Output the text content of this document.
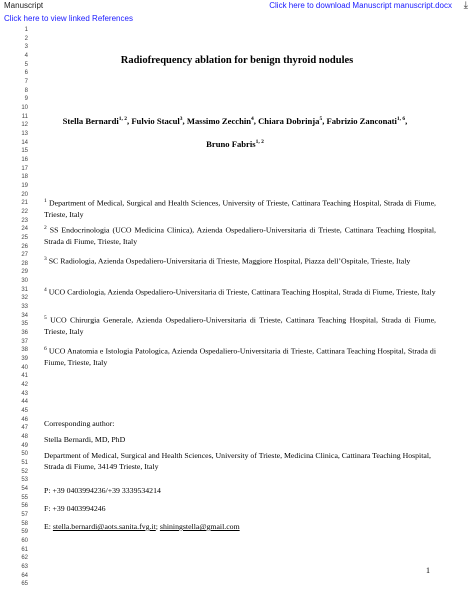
Manuscript	Click here to download Manuscript manuscript.docx ⤓
Click here to view linked References
1
2
3
4
5
6
7
8
9
10
11
12
13
14
15
16
17
18
19
20
21
22
23
24
25
26
27
28
29
30
31
32
33
34
35
36
37
38
39
40
41
42
43
44
45
46
47
48
49
50
51
52
53
54
55
56
57
58
59
60
61
62
63
64
65
Radiofrequency ablation for benign thyroid nodules
Stella Bernardi$^{1, 2}$, Fulvio Stacul$^3$, Massimo Zecchin$^4$, Chiara Dobrinja$^5$, Fabrizio Zanconati$^{1, 6}$,
Bruno Fabris$^{1, 2}$
$^1$ Department of Medical, Surgical and Health Sciences, University of Trieste, Cattinara Teaching Hospital, Strada di Fiume, Trieste, Italy
$^2$ SS Endocrinologia (UCO Medicina Clinica), Azienda Ospedaliero-Universitaria di Trieste, Cattinara Teaching Hospital, Strada di Fiume, Trieste, Italy
$^3$ SC Radiologia, Azienda Ospedaliero-Universitaria di Trieste, Maggiore Hospital, Piazza dell’Ospitale, Trieste, Italy
$^4$ UCO Cardiologia, Azienda Ospedaliero-Universitaria di Trieste, Cattinara Teaching Hospital, Strada di Fiume, Trieste, Italy
$^5$ UCO Chirurgia Generale, Azienda Ospedaliero-Universitaria di Trieste, Cattinara Teaching Hospital, Strada di Fiume, Trieste, Italy
$^6$ UCO Anatomia e Istologia Patologica, Azienda Ospedaliero-Universitaria di Trieste, Cattinara Teaching Hospital, Strada di Fiume, Trieste, Italy
Corresponding author:
Stella Bernardi, MD, PhD
Department of Medical, Surgical and Health Sciences, University of Trieste, Medicina Clinica, Cattinara Teaching Hospital, Strada di Fiume, 34149 Trieste, Italy
P: +39 0403994236/+39 3339534214
F: +39 0403994246
E: stella.bernardi@aots.sanita.fvg.it; shiningstella@gmail.com
1
